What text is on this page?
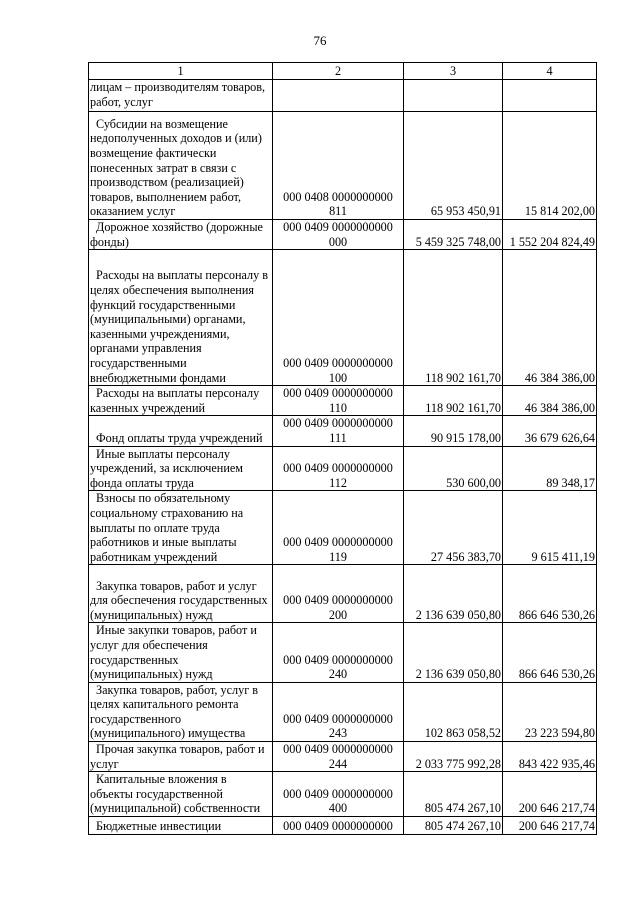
76
1	2	3	4
лицам – производителям товаров, работ, услуг			
Субсидии на возмещение недополученных доходов и (или) возмещение фактически понесенных затрат в связи с производством (реализацией) товаров, выполнением работ, оказанием услуг	000 0408 0000000000 811	65 953 450,91	15 814 202,00
Дорожное хозяйство (дорожные фонды)	000 0409 0000000000 000	5 459 325 748,00	1 552 204 824,49
Расходы на выплаты персоналу в целях обеспечения выполнения функций государственными (муниципальными) органами, казенными учреждениями, органами управления государственными внебюджетными фондами	000 0409 0000000000 100	118 902 161,70	46 384 386,00
Расходы на выплаты персоналу казенных учреждений	000 0409 0000000000 110	118 902 161,70	46 384 386,00
Фонд оплаты труда учреждений	000 0409 0000000000 111	90 915 178,00	36 679 626,64
Иные выплаты персоналу учреждений, за исключением фонда оплаты труда	000 0409 0000000000 112	530 600,00	89 348,17
Взносы по обязательному социальному страхованию на выплаты по оплате труда работников и иные выплаты работникам учреждений	000 0409 0000000000 119	27 456 383,70	9 615 411,19
Закупка товаров, работ и услуг для обеспечения государственных (муниципальных) нужд	000 0409 0000000000 200	2 136 639 050,80	866 646 530,26
Иные закупки товаров, работ и услуг для обеспечения государственных (муниципальных) нужд	000 0409 0000000000 240	2 136 639 050,80	866 646 530,26
Закупка товаров, работ, услуг в целях капитального ремонта государственного (муниципального) имущества	000 0409 0000000000 243	102 863 058,52	23 223 594,80
Прочая закупка товаров, работ и услуг	000 0409 0000000000 244	2 033 775 992,28	843 422 935,46
Капитальные вложения в объекты государственной (муниципальной) собственности	000 0409 0000000000 400	805 474 267,10	200 646 217,74
Бюджетные инвестиции	000 0409 0000000000	805 474 267,10	200 646 217,74
